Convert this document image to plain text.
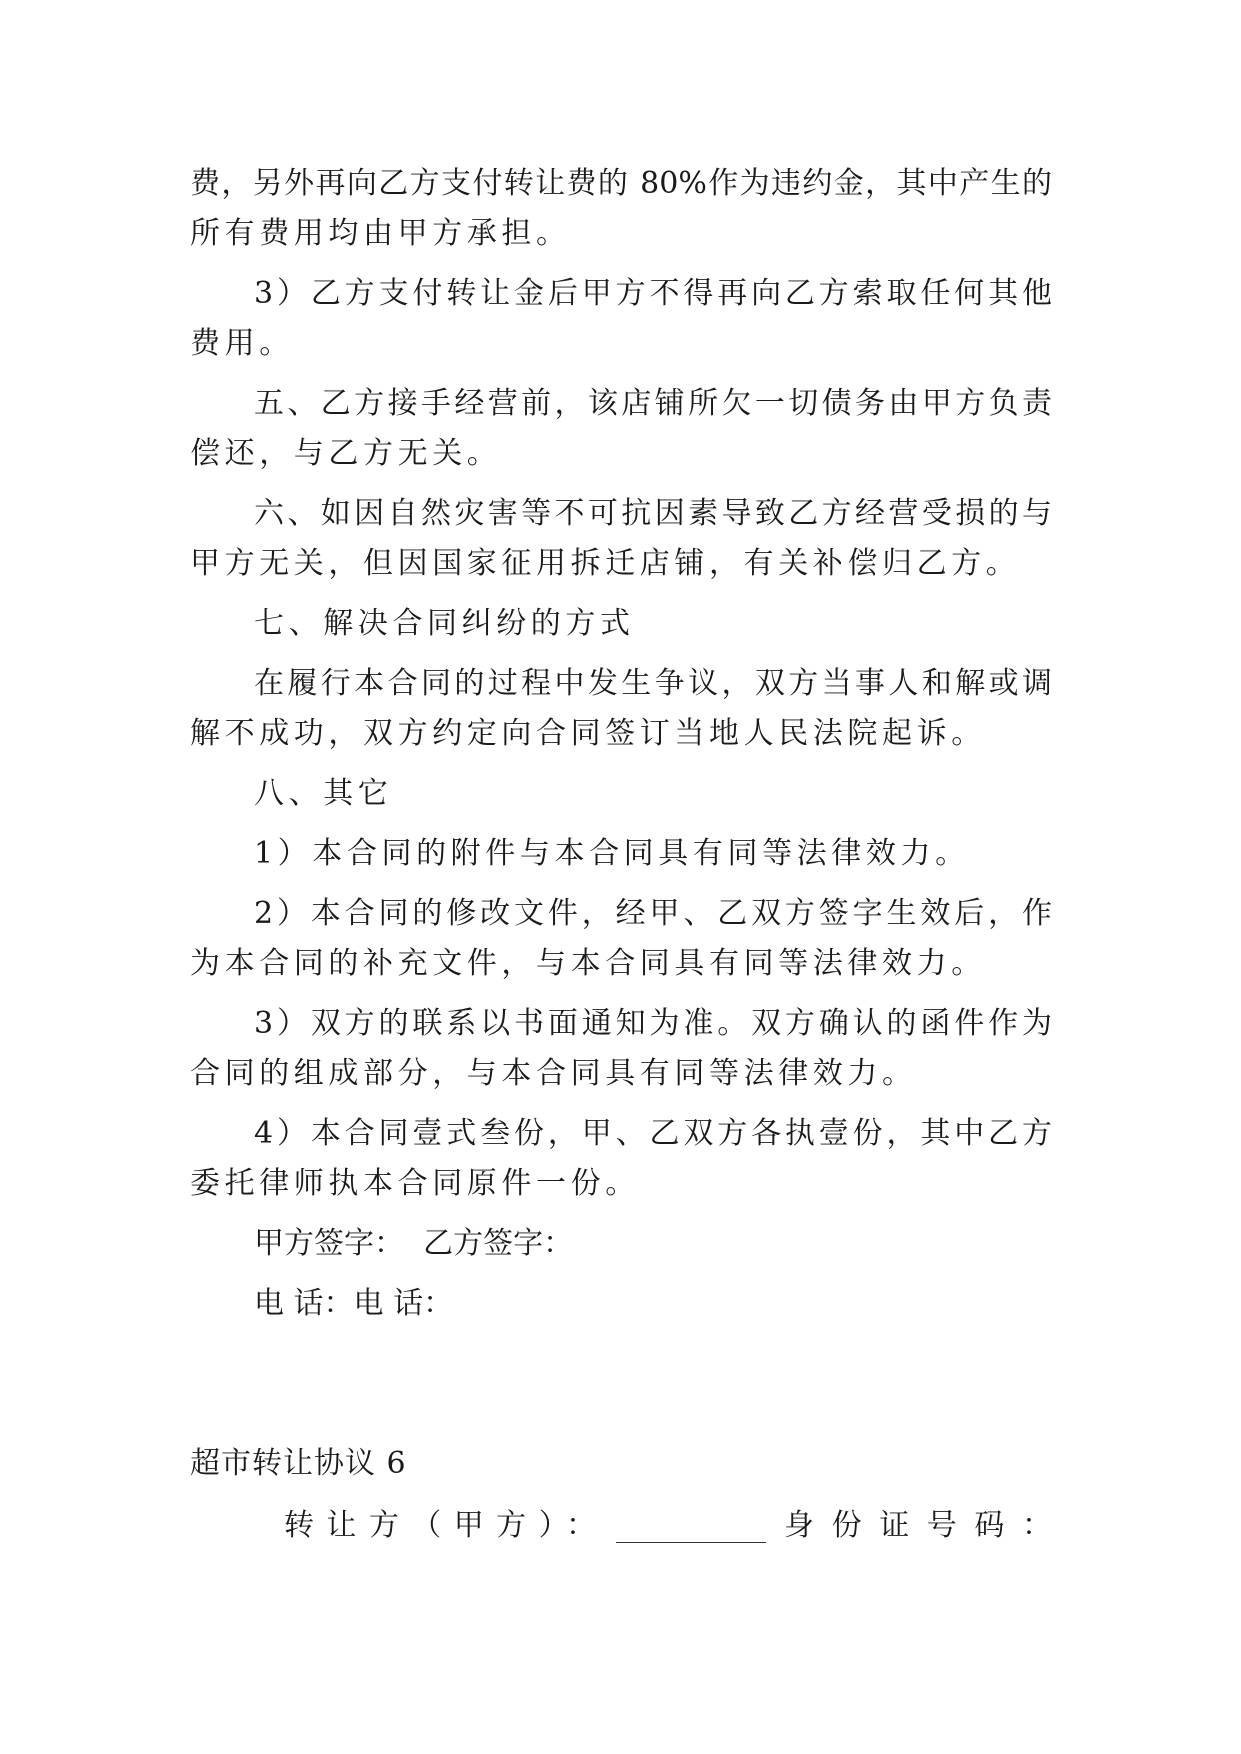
费，另外再向乙方支付转让费的 80%作为违约金，其中产生的
所有费用均由甲方承担。
3）乙方支付转让金后甲方不得再向乙方索取任何其他
费用。
五、乙方接手经营前，该店铺所欠一切债务由甲方负责
偿还，与乙方无关。
六、如因自然灾害等不可抗因素导致乙方经营受损的与
甲方无关，但因国家征用拆迁店铺，有关补偿归乙方。
七、解决合同纠纷的方式
在履行本合同的过程中发生争议，双方当事人和解或调
解不成功，双方约定向合同签订当地人民法院起诉。
八、其它
1）本合同的附件与本合同具有同等法律效力。
2）本合同的修改文件，经甲、乙双方签字生效后，作
为本合同的补充文件，与本合同具有同等法律效力。
3）双方的联系以书面通知为准。双方确认的函件作为
合同的组成部分，与本合同具有同等法律效力。
4）本合同壹式叁份，甲、乙双方各执壹份，其中乙方
委托律师执本合同原件一份。
甲方签字：  乙方签字：
电 话：电 话：
超市转让协议 6
转让方（甲方）：	身份证号码：
